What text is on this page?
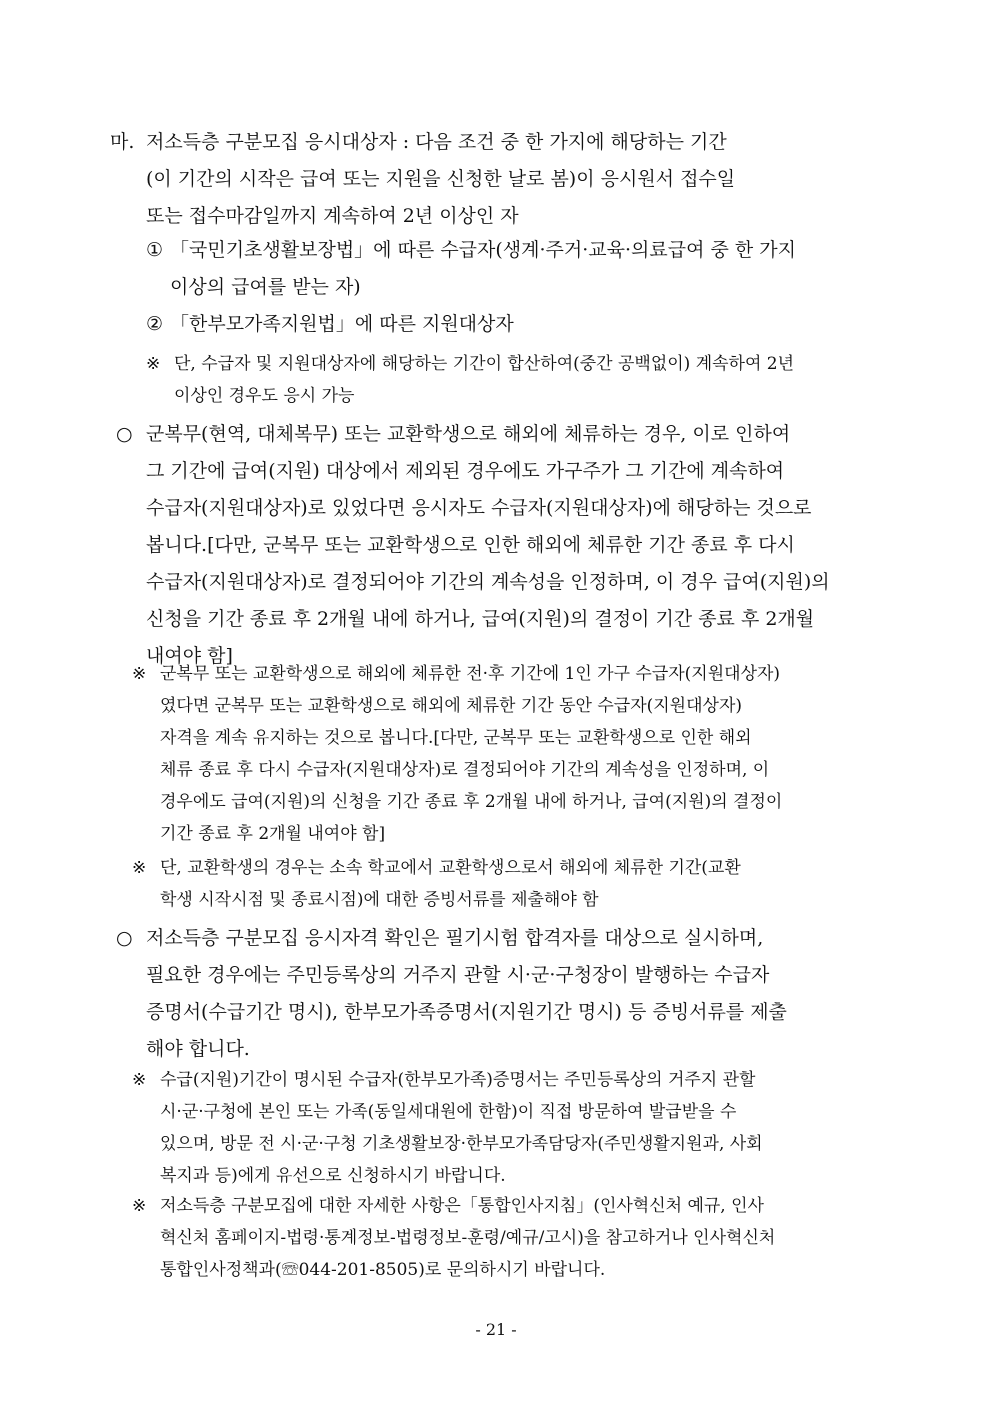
마. 저소득층 구분모집 응시대상자 : 다음 조건 중 한 가지에 해당하는 기간
(이 기간의 시작은 급여 또는 지원을 신청한 날로 봄)이 응시원서 접수일
또는 접수마감일까지 계속하여 2년 이상인 자
① 「국민기초생활보장법」에 따른 수급자(생계·주거·교육·의료급여 중 한 가지
이상의 급여를 받는 자)
② 「한부모가족지원법」에 따른 지원대상자
※ 단, 수급자 및 지원대상자에 해당하는 기간이 합산하여(중간 공백없이) 계속하여 2년
이상인 경우도 응시 가능
○ 군복무(현역, 대체복무) 또는 교환학생으로 해외에 체류하는 경우, 이로 인하여
그 기간에 급여(지원) 대상에서 제외된 경우에도 가구주가 그 기간에 계속하여
수급자(지원대상자)로 있었다면 응시자도 수급자(지원대상자)에 해당하는 것으로
봅니다.[다만, 군복무 또는 교환학생으로 인한 해외에 체류한 기간 종료 후 다시
수급자(지원대상자)로 결정되어야 기간의 계속성을 인정하며, 이 경우 급여(지원)의
신청을 기간 종료 후 2개월 내에 하거나, 급여(지원)의 결정이 기간 종료 후 2개월
내여야 함]
※ 군복무 또는 교환학생으로 해외에 체류한 전·후 기간에 1인 가구 수급자(지원대상자)
였다면 군복무 또는 교환학생으로 해외에 체류한 기간 동안 수급자(지원대상자)
자격을 계속 유지하는 것으로 봅니다.[다만, 군복무 또는 교환학생으로 인한 해외
체류 종료 후 다시 수급자(지원대상자)로 결정되어야 기간의 계속성을 인정하며, 이
경우에도 급여(지원)의 신청을 기간 종료 후 2개월 내에 하거나, 급여(지원)의 결정이
기간 종료 후 2개월 내여야 함]
※ 단, 교환학생의 경우는 소속 학교에서 교환학생으로서 해외에 체류한 기간(교환
학생 시작시점 및 종료시점)에 대한 증빙서류를 제출해야 함
○ 저소득층 구분모집 응시자격 확인은 필기시험 합격자를 대상으로 실시하며,
필요한 경우에는 주민등록상의 거주지 관할 시·군·구청장이 발행하는 수급자
증명서(수급기간 명시), 한부모가족증명서(지원기간 명시) 등 증빙서류를 제출
해야 합니다.
※ 수급(지원)기간이 명시된 수급자(한부모가족)증명서는 주민등록상의 거주지 관할
시·군·구청에 본인 또는 가족(동일세대원에 한함)이 직접 방문하여 발급받을 수
있으며, 방문 전 시·군·구청 기초생활보장·한부모가족담당자(주민생활지원과, 사회
복지과 등)에게 유선으로 신청하시기 바랍니다.
※ 저소득층 구분모집에 대한 자세한 사항은「통합인사지침」(인사혁신처 예규, 인사
혁신처 홈페이지-법령·통계정보-법령정보-훈령/예규/고시)을 참고하거나 인사혁신처
통합인사정책과(☏044-201-8505)로 문의하시기 바랍니다.
- 21 -
